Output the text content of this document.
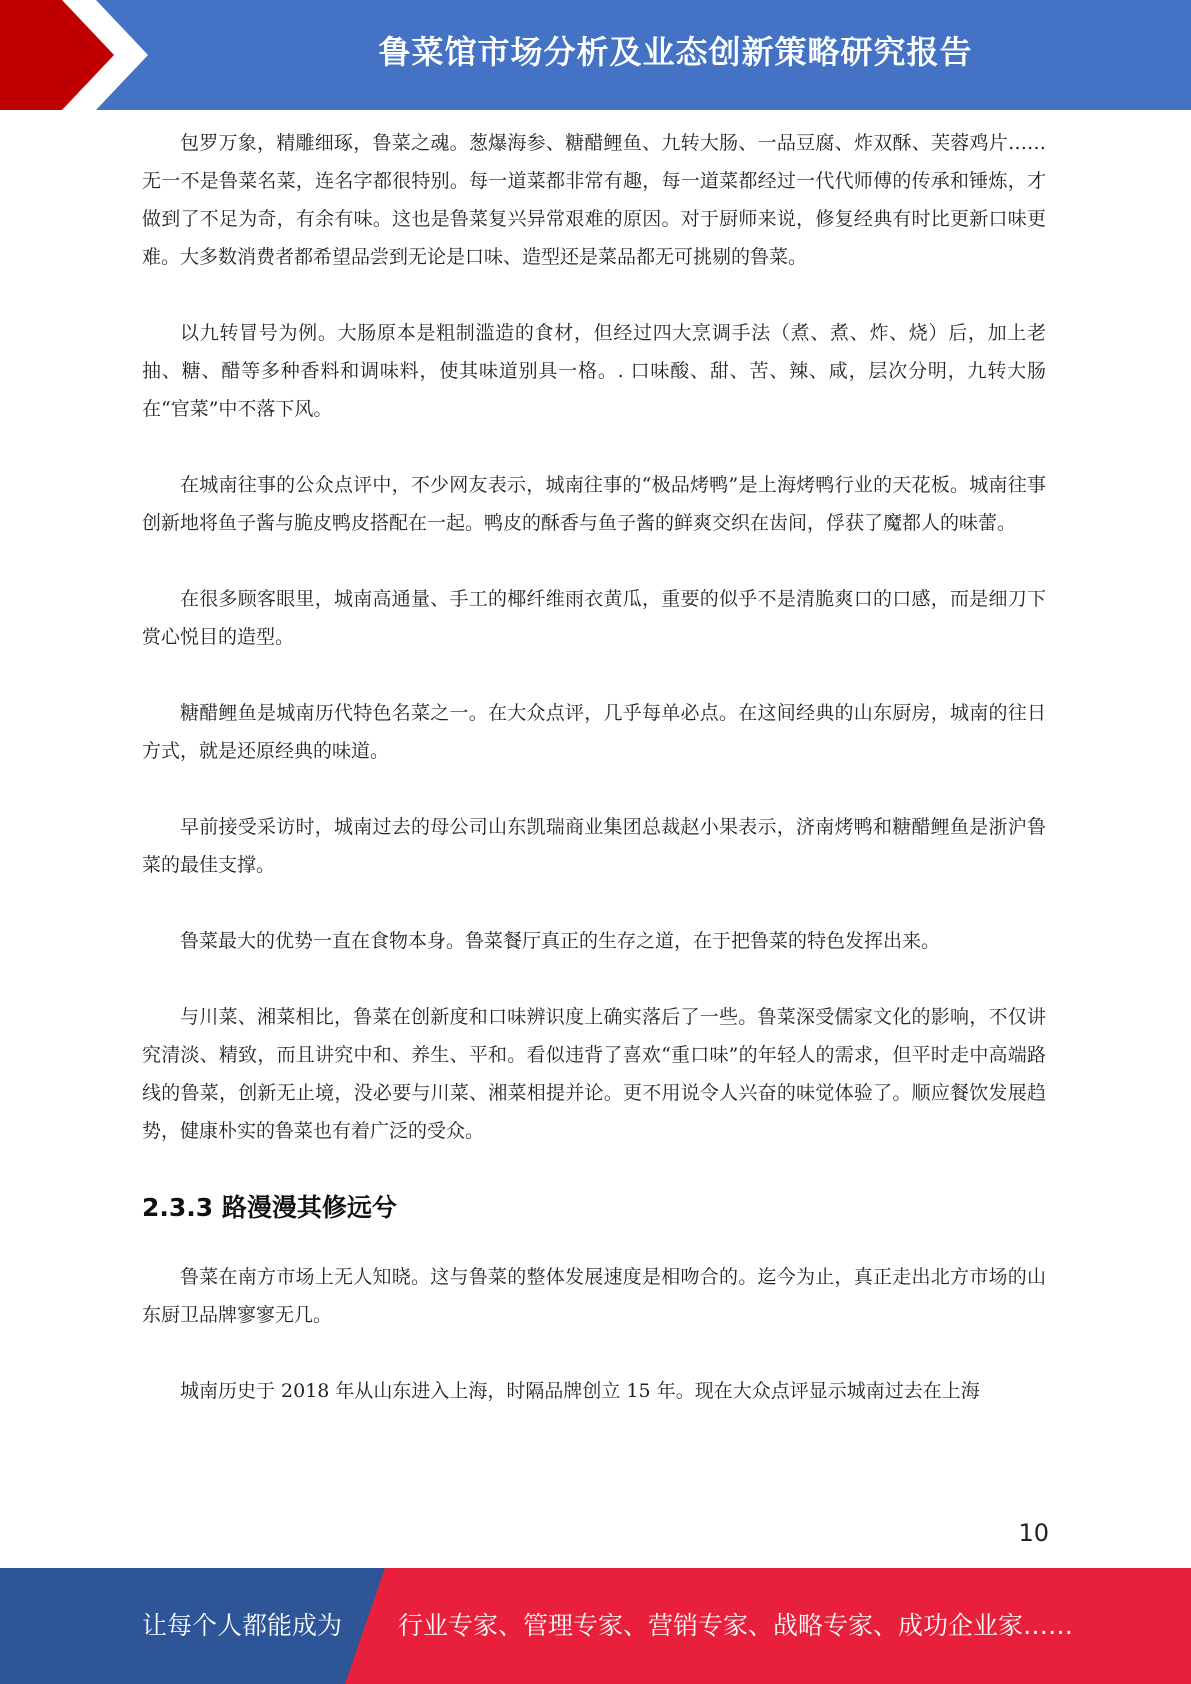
鲁菜馆市场分析及业态创新策略研究报告

包罗万象，精雕细琢，鲁菜之魂。葱爆海参、糖醋鲤鱼、九转大肠、一品豆腐、炸双酥、芙蓉鸡片……无一不是鲁菜名菜，连名字都很特别。每一道菜都非常有趣，每一道菜都经过一代代师傅的传承和锤炼，才做到了不足为奇，有余有味。这也是鲁菜复兴异常艰难的原因。对于厨师来说，修复经典有时比更新口味更难。大多数消费者都希望品尝到无论是口味、造型还是菜品都无可挑剔的鲁菜。

以九转冒号为例。大肠原本是粗制滥造的食材，但经过四大烹调手法（煮、煮、炸、烧）后，加上老抽、糖、醋等多种香料和调味料，使其味道别具一格。. 口味酸、甜、苦、辣、咸，层次分明，九转大肠在“官菜”中不落下风。

在城南往事的公众点评中，不少网友表示，城南往事的“极品烤鸭”是上海烤鸭行业的天花板。城南往事创新地将鱼子酱与脆皮鸭皮搭配在一起。鸭皮的酥香与鱼子酱的鲜爽交织在齿间，俘获了魔都人的味蕾。

在很多顾客眼里，城南高通量、手工的椰纤维雨衣黄瓜，重要的似乎不是清脆爽口的口感，而是细刀下赏心悦目的造型。

糖醋鲤鱼是城南历代特色名菜之一。在大众点评，几乎每单必点。在这间经典的山东厨房，城南的往日方式，就是还原经典的味道。

早前接受采访时，城南过去的母公司山东凯瑞商业集团总裁赵小果表示，济南烤鸭和糖醋鲤鱼是浙沪鲁菜的最佳支撑。

鲁菜最大的优势一直在食物本身。鲁菜餐厅真正的生存之道，在于把鲁菜的特色发挥出来。

与川菜、湘菜相比，鲁菜在创新度和口味辨识度上确实落后了一些。鲁菜深受儒家文化的影响，不仅讲究清淡、精致，而且讲究中和、养生、平和。看似违背了喜欢“重口味”的年轻人的需求，但平时走中高端路线的鲁菜，创新无止境，没必要与川菜、湘菜相提并论。更不用说令人兴奋的味觉体验了。顺应餐饮发展趋势，健康朴实的鲁菜也有着广泛的受众。

2.3.3 路漫漫其修远兮

鲁菜在南方市场上无人知晓。这与鲁菜的整体发展速度是相吻合的。迄今为止，真正走出北方市场的山东厨卫品牌寥寥无几。

城南历史于 2018 年从山东进入上海，时隔品牌创立 15 年。现在大众点评显示城南过去在上海

10
让每个人都能成为 行业专家、管理专家、营销专家、战略专家、成功企业家……
